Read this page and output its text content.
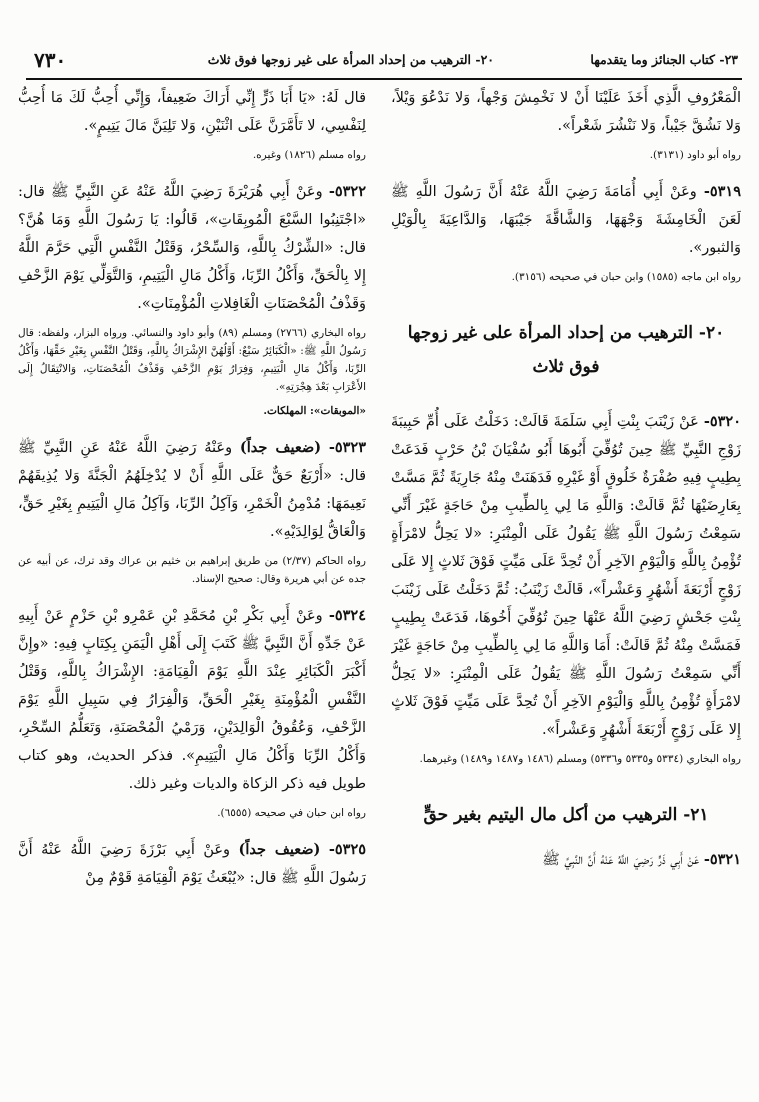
٢٣- كتاب الجنائز وما يتقدمها
٢٠- الترهيب من إحداد المرأة على غير زوجها فوق ثلاث
٧٣٠

الْمَعْرُوفِ الَّذِي أَخَذَ عَلَيْنَا أَنْ لا نَخْمِشَ وَجْهاً، وَلا نَدْعُوَ وَيْلاً، وَلا نَشُقَّ جَيْباً، وَلا نَنْشُرَ شَعْراً».

رواه أبو داود (٣١٣١).

٥٣١٩- وعَنْ أَبِي أُمَامَةَ رَضِيَ اللَّهُ عَنْهُ أَنَّ رَسُولَ اللَّهِ ﷺ لَعَنَ الْخَامِشَةَ وَجْهَهَا، وَالشَّاقَّةَ جَيْبَهَا، وَالدَّاعِيَةَ بِالْوَيْلِ وَالثبور».

رواه ابن ماجه (١٥٨٥) وابن حبان في صحيحه (٣١٥٦).

٢٠- الترهيب من إحداد المرأة على غير زوجها فوق ثلاث

٥٣٢٠- عَنْ زَيْنَبَ بِنْتِ أَبِي سَلَمَةَ قَالَتْ: دَخَلْتُ عَلَى أُمِّ حَبِيبَةَ زَوْجِ النَّبِيِّ ﷺ حِينَ تُوُفِّيَ أَبُوهَا أَبُو سُفْيَانَ بْنُ حَرْبٍ فَدَعَتْ بِطِيبٍ فِيهِ صُفْرَةٌ خَلُوقٍ أَوْ غَيْرِهِ فَدَهَنَتْ مِنْهُ جَارِيَةً ثُمَّ مَسَّتْ بِعَارِضَيْهَا ثُمَّ قَالَتْ: وَاللَّهِ مَا لِي بِالطِّيبِ مِنْ حَاجَةٍ غَيْرَ أَنِّي سَمِعْتُ رَسُولَ اللَّهِ ﷺ يَقُولُ عَلَى الْمِنْبَرِ: «لا يَحِلُّ لامْرَأَةٍ تُؤْمِنُ بِاللَّهِ وَالْيَوْمِ الآخِرِ أَنْ تُحِدَّ عَلَى مَيِّتٍ فَوْقَ ثَلاثٍ إِلا عَلَى زَوْجٍ أَرْبَعَةَ أَشْهُرٍ وَعَشْراً»، قَالَتْ زَيْنَبُ: ثُمَّ دَخَلْتُ عَلَى زَيْنَبَ بِنْتِ جَحْشٍ رَضِيَ اللَّهُ عَنْهَا حِينَ تُوُفِّيَ أَخُوهَا، فَدَعَتْ بِطِيبٍ فَمَسَّتْ مِنْهُ ثُمَّ قَالَتْ: أَمَا وَاللَّهِ مَا لِي بِالطِّيبِ مِنْ حَاجَةٍ غَيْرَ أَنِّي سَمِعْتُ رَسُولَ اللَّهِ ﷺ يَقُولُ عَلَى الْمِنْبَرِ: «لا يَحِلُّ لامْرَأَةٍ تُؤْمِنُ بِاللَّهِ وَالْيَوْمِ الآخِرِ أَنْ تُحِدَّ عَلَى مَيِّتٍ فَوْقَ ثَلاثٍ إِلا عَلَى زَوْجٍ أَرْبَعَةَ أَشْهُرٍ وَعَشْراً».

رواه البخاري (٥٣٣٤ و٥٣٣٥ و٥٣٣٦) ومسلم (١٤٨٦ و١٤٨٧ و١٤٨٩) وغيرهما.

٢١- الترهيب من أكل مال اليتيم بغير حقٍّ

٥٣٢١- عَنْ أَبِي ذَرٍّ رَضِيَ اللَّهُ عَنْهُ أَنَّ النَّبِيَّ ﷺ

قال لَهُ: «يَا أَبَا ذَرٍّ إِنِّي أَرَاكَ ضَعِيفاً، وَإِنِّي أُحِبُّ لَكَ مَا أُحِبُّ لِنَفْسِي، لا تَأَمَّرَنَّ عَلَى اثْنَيْنِ، وَلا تَلِيَنَّ مَالَ يَتِيمٍ».

رواه مسلم (١٨٢٦) وغيره.

٥٣٢٢- وعَنْ أَبِي هُرَيْرَةَ رَضِيَ اللَّهُ عَنْهُ عَنِ النَّبِيِّ ﷺ قال: «اجْتَنِبُوا السَّبْعَ الْمُوبِقَاتِ»، قَالُوا: يَا رَسُولَ اللَّهِ وَمَا هُنَّ؟ قال: «الشِّرْكُ بِاللَّهِ، وَالسِّحْرُ، وَقَتْلُ النَّفْسِ الَّتِي حَرَّمَ اللَّهُ إِلا بِالْحَقِّ، وَأَكْلُ الرِّبَا، وَأَكْلُ مَالِ الْيَتِيمِ، وَالتَّوَلِّي يَوْمَ الزَّحْفِ وَقَذْفُ الْمُحْصَنَاتِ الْغَافِلاتِ الْمُؤْمِنَاتِ».

رواه البخاري (٢٧٦٦) ومسلم (٨٩) وأبو داود والنسائي. ورواه البزار، ولفظه: قال رَسُولُ اللَّهِ ﷺ: «الْكَبَائِرُ سَبْعٌ: أَوَّلُهُنَّ الإِشْرَاكُ بِاللَّهِ، وَقَتْلُ النَّفْسِ بِغَيْرِ حَقِّهَا، وَأَكْلُ الرِّبَا، وَأَكْلُ مَالِ الْيَتِيمِ، وَفِرَارُ يَوْمِ الزَّحْفِ وَقَذْفُ الْمُحْصَنَاتِ، وَالانْتِقَالُ إِلَى الأَعْرَابِ بَعْدَ هِجْرَتِهِ».

«الموبقات»: المهلكات.

٥٣٢٣- (ضعيف جداً) وعَنْهُ رَضِيَ اللَّهُ عَنْهُ عَنِ النَّبِيِّ ﷺ قال: «أَرْبَعٌ حَقٌّ عَلَى اللَّهِ أَنْ لا يُدْخِلَهُمُ الْجَنَّةَ وَلا يُذِيقَهُمْ نَعِيمَهَا: مُدْمِنُ الْخَمْرِ، وَآكِلُ الرِّبَا، وَآكِلُ مَالِ الْيَتِيمِ بِغَيْرِ حَقٍّ، وَالْعَاقُّ لِوَالِدَيْهِ».

رواه الحاكم (٢/٣٧) من طريق إبراهيم بن خثيم بن عراك وقد ترك، عن أبيه عن جده عن أبي هريرة وقال: صحيح الإسناد.

٥٣٢٤- وعَنْ أَبِي بَكْرِ بْنِ مُحَمَّدِ بْنِ عَمْرِو بْنِ حَزْمٍ عَنْ أَبِيهِ عَنْ جَدِّهِ أَنَّ النَّبِيَّ ﷺ كَتَبَ إِلَى أَهْلِ الْيَمَنِ بِكِتَابٍ فِيهِ: «وإِنَّ أَكْبَرَ الْكَبَائِرِ عِنْدَ اللَّهِ يَوْمَ الْقِيَامَةِ: الإِشْرَاكُ بِاللَّهِ، وَقَتْلُ النَّفْسِ الْمُؤْمِنَةِ بِغَيْرِ الْحَقِّ، وَالْفِرَارُ فِي سَبِيلِ اللَّهِ يَوْمَ الزَّحْفِ، وَعُقُوقُ الْوَالِدَيْنِ، وَرَمْيُ الْمُحْصَنَةِ، وَتَعَلُّمُ السِّحْرِ، وَأَكْلُ الرِّبَا وَأَكْلُ مَالِ الْيَتِيمِ». فذكر الحديث، وهو كتاب طويل فيه ذكر الزكاة والديات وغير ذلك.

رواه ابن حبان في صحيحه (٦٥٥٥).

٥٣٢٥- (ضعيف جداً) وعَنْ أَبِي بَرْزَةَ رَضِيَ اللَّهُ عَنْهُ أَنَّ رَسُولَ اللَّهِ ﷺ قال: «يُبْعَثُ يَوْمَ الْقِيَامَةِ قَوْمٌ مِنْ
